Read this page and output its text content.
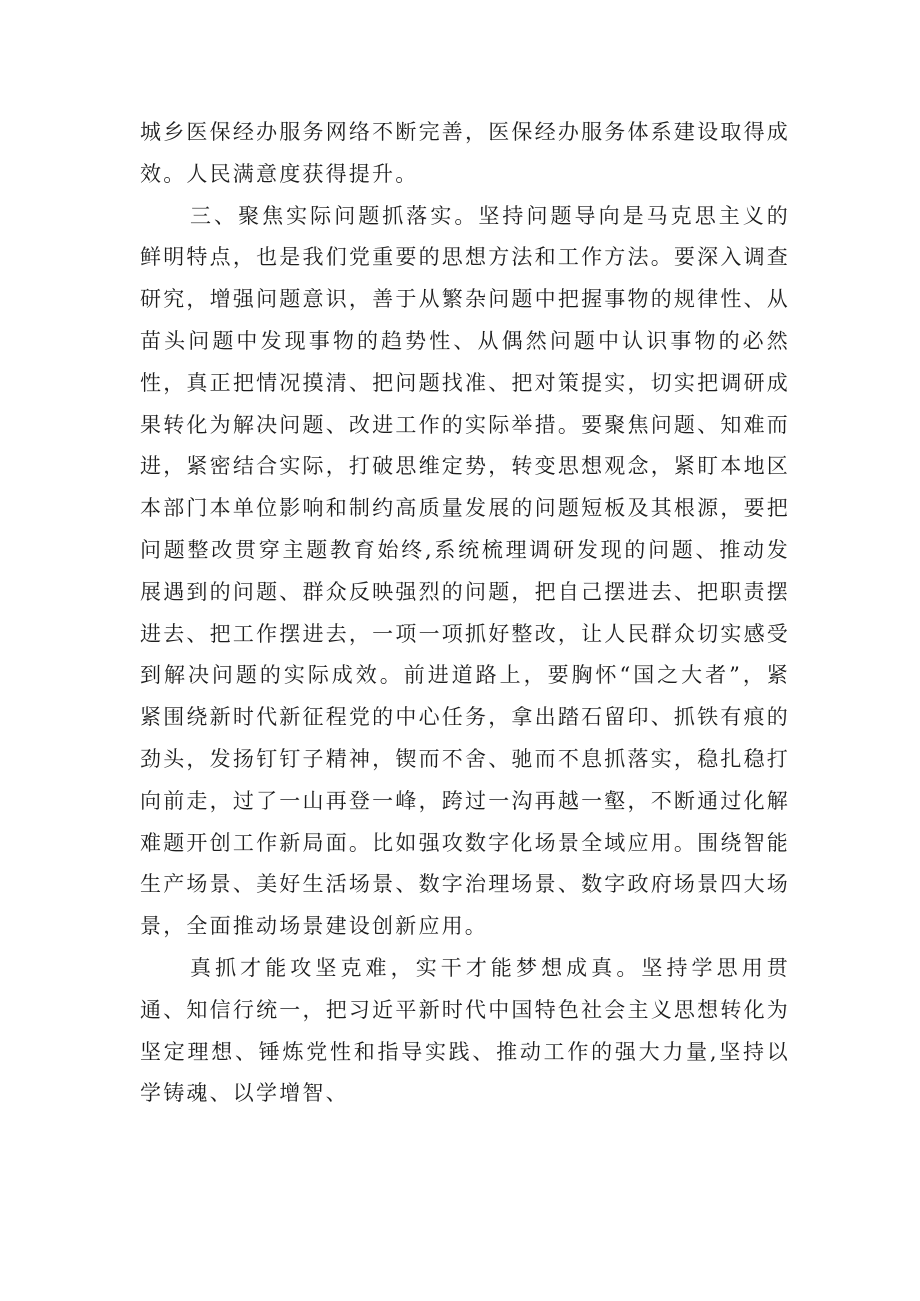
城乡医保经办服务网络不断完善，医保经办服务体系建设取得成效。人民满意度获得提升。

三、聚焦实际问题抓落实。坚持问题导向是马克思主义的鲜明特点，也是我们党重要的思想方法和工作方法。要深入调查研究，增强问题意识，善于从繁杂问题中把握事物的规律性、从苗头问题中发现事物的趋势性、从偶然问题中认识事物的必然性，真正把情况摸清、把问题找准、把对策提实，切实把调研成果转化为解决问题、改进工作的实际举措。要聚焦问题、知难而进，紧密结合实际，打破思维定势，转变思想观念，紧盯本地区本部门本单位影响和制约高质量发展的问题短板及其根源，要把问题整改贯穿主题教育始终,系统梳理调研发现的问题、推动发展遇到的问题、群众反映强烈的问题，把自己摆进去、把职责摆进去、把工作摆进去，一项一项抓好整改，让人民群众切实感受到解决问题的实际成效。前进道路上，要胸怀“国之大者”，紧紧围绕新时代新征程党的中心任务，拿出踏石留印、抓铁有痕的劲头，发扬钉钉子精神，锲而不舍、驰而不息抓落实，稳扎稳打向前走，过了一山再登一峰，跨过一沟再越一壑，不断通过化解难题开创工作新局面。比如强攻数字化场景全域应用。围绕智能生产场景、美好生活场景、数字治理场景、数字政府场景四大场景，全面推动场景建设创新应用。

真抓才能攻坚克难，实干才能梦想成真。坚持学思用贯通、知信行统一，把习近平新时代中国特色社会主义思想转化为坚定理想、锤炼党性和指导实践、推动工作的强大力量,坚持以学铸魂、以学增智、
